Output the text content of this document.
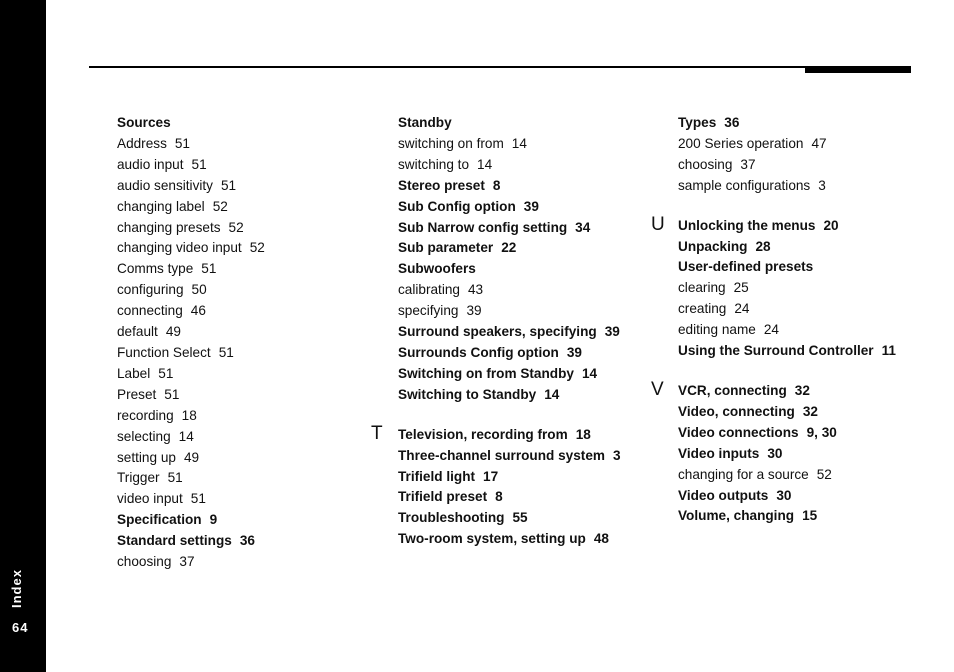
Index
64
Sources
Address 51
audio input 51
audio sensitivity 51
changing label 52
changing presets 52
changing video input 52
Comms type 51
configuring 50
connecting 46
default 49
Function Select 51
Label 51
Preset 51
recording 18
selecting 14
setting up 49
Trigger 51
video input 51
Specification 9
Standard settings 36
choosing 37
Standby
switching on from 14
switching to 14
Stereo preset 8
Sub Config option 39
Sub Narrow config setting 34
Sub parameter 22
Subwoofers
calibrating 43
specifying 39
Surround speakers, specifying 39
Surrounds Config option 39
Switching on from Standby 14
Switching to Standby 14
T Television, recording from 18
Three-channel surround system 3
Trifield light 17
Trifield preset 8
Troubleshooting 55
Two-room system, setting up 48
Types 36
200 Series operation 47
choosing 37
sample configurations 3
U Unlocking the menus 20
Unpacking 28
User-defined presets
clearing 25
creating 24
editing name 24
Using the Surround Controller 11
V VCR, connecting 32
Video, connecting 32
Video connections 9, 30
Video inputs 30
changing for a source 52
Video outputs 30
Volume, changing 15
